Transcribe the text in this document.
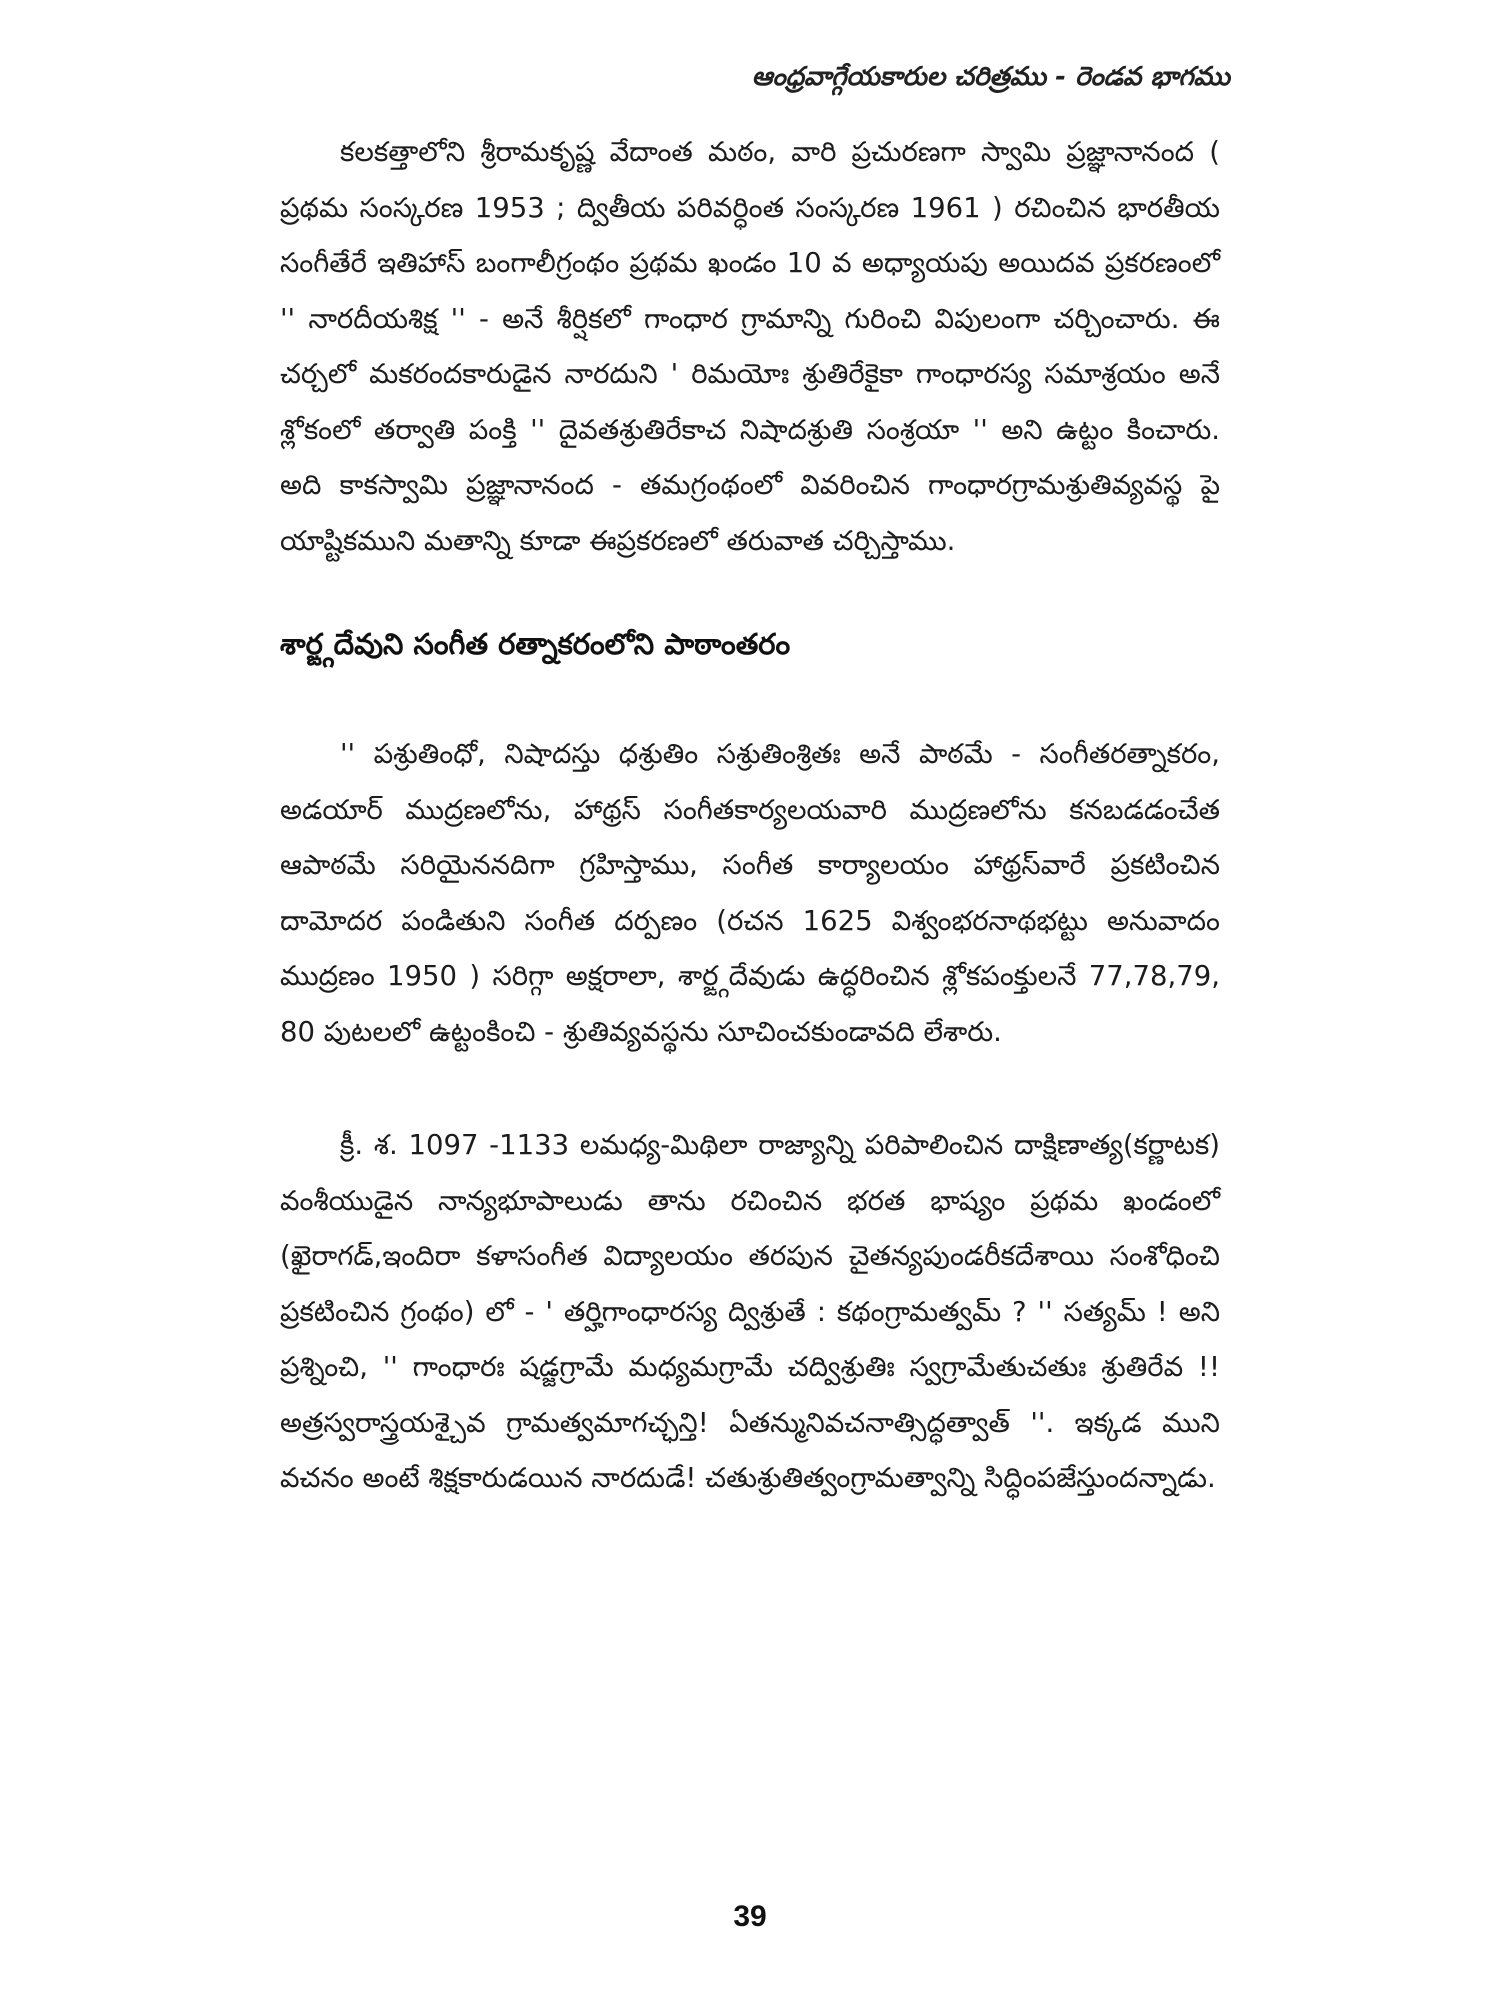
ఆంధ్రవాగ్గేయకారుల చరిత్రము - రెండవ భాగము

కలకత్తాలోని శ్రీరామకృష్ణ వేదాంత మఠం, వారి ప్రచురణగా స్వామి ప్రజ్ఞానానంద ( ప్రథమ సంస్కరణ 1953 ; ద్వితీయ పరివర్ధింత సంస్కరణ 1961 ) రచించిన భారతీయ సంగీతేరే ఇతిహాస్ బంగాలీగ్రంథం ప్రథమ ఖండం 10 వ అధ్యాయపు అయిదవ ప్రకరణంలో '' నారదీయశిక్ష '' - అనే శీర్షికలో గాంధార గ్రామాన్ని గురించి విపులంగా చర్చించారు. ఈ చర్చలో మకరందకారుడైన నారదుని ' రిమయోః శ్రుతిరేకైకా గాంధారస్య సమాశ్రయం అనే శ్లోకంలో తర్వాతి పంక్తి '' దైవతశ్రుతిరేకాచ నిషాదశ్రుతి సంశ్రయా '' అని ఉట్టం కించారు. అది కాకస్వామి ప్రజ్ఞానానంద - తమగ్రంథంలో వివరించిన గాంధారగ్రామశ్రుతివ్యవస్థ పై యాష్టికముని మతాన్ని కూడా ఈప్రకరణలో తరువాత చర్చిస్తాము.

శార్ఙ్గదేవుని సంగీత రత్నాకరంలోని పాఠాంతరం

'' పశ్రుతింధో, నిషాదస్తు ధశ్రుతిం సశ్రుతింశ్రితః అనే పాఠమే - సంగీతరత్నాకరం, అడయార్ ముద్రణలోను, హాథ్రస్ సంగీతకార్యలయవారి ముద్రణలోను కనబడడంచేత ఆపాఠమే సరియైననదిగా గ్రహిస్తాము, సంగీత కార్యాలయం హాథ్రస్‌వారే ప్రకటించిన దామోదర పండితుని సంగీత దర్పణం (రచన 1625 విశ్వంభరనాథభట్టు అనువాదం ముద్రణం 1950 ) సరిగ్గా అక్షరాలా, శార్ఙ్గదేవుడు ఉద్ధరించిన శ్లోకపంక్తులనే 77,78,79, 80 పుటలలో ఉట్టంకించి - శ్రుతివ్యవస్థను సూచించకుండావది లేశారు.

క్రీ. శ. 1097 -1133 లమధ్య-మిథిలా రాజ్యాన్ని పరిపాలించిన దాక్షిణాత్య(కర్ణాటక) వంశీయుడైన నాన్యభూపాలుడు తాను రచించిన భరత భాష్యం ప్రథమ ఖండంలో (ఖైరాగడ్,ఇందిరా కళాసంగీత విద్యాలయం తరపున చైతన్యపుండరీకదేశాయి సంశోధించి ప్రకటించిన గ్రంథం) లో - ' తర్హిగాంధారస్య ద్విశ్రుతే : కథంగ్రామత్వమ్ ? '' సత్యమ్ ! అని ప్రశ్నించి, '' గాంధారః షడ్జగ్రామే మధ్యమగ్రామే చద్విశ్రుతిః స్వగ్రామేతుచతుః శ్రుతిరేవ !! అత్రస్వరాస్త్రయశ్చైవ గ్రామత్వమాగచ్ఛన్తి! ఏతన్మునివచనాత్సిద్ధత్వాత్ ''. ఇక్కడ ముని వచనం అంటే శిక్షకారుడయిన నారదుడే! చతుశ్రుతిత్వంగ్రామత్వాన్ని సిద్ధింపజేస్తుందన్నాడు.

39
